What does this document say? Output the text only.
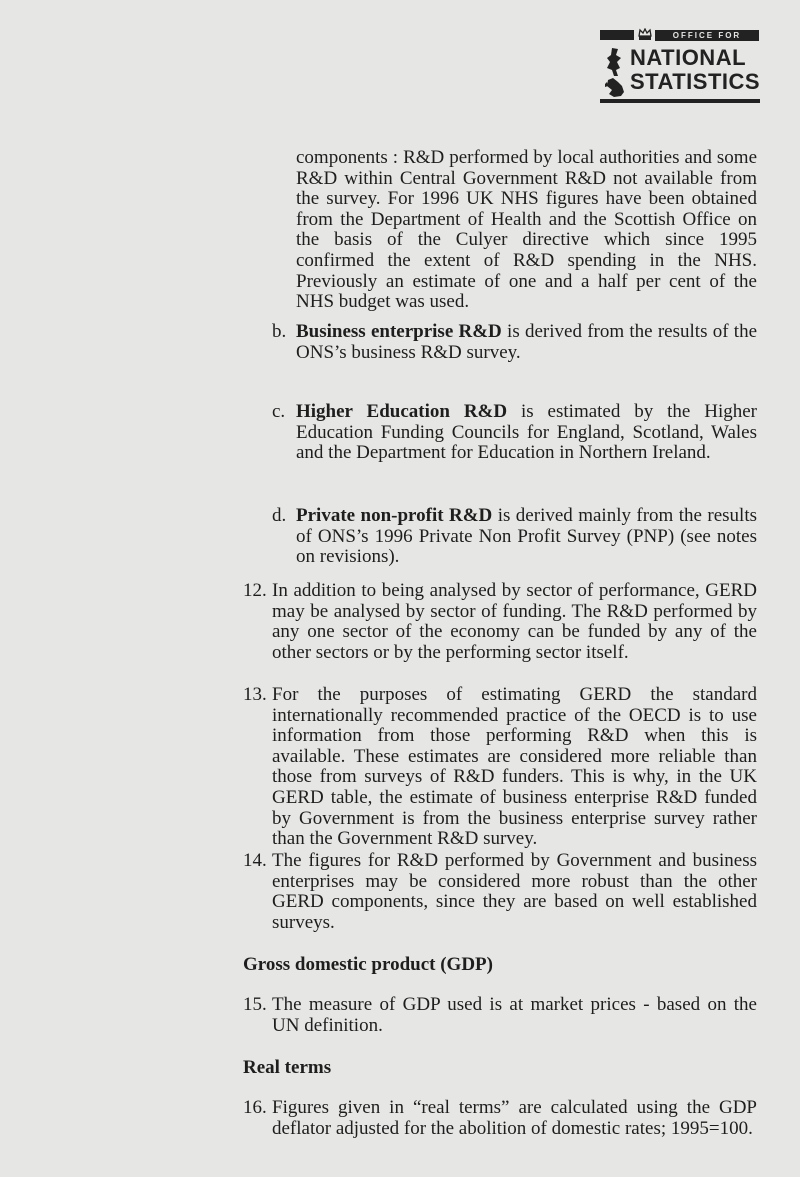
OFFICE FOR
NATIONAL
STATISTICS
components : R&D performed by local authorities and some R&D within Central Government R&D not available from the survey. For 1996 UK NHS figures have been obtained from the Department of Health and the Scottish Office on the basis of the Culyer directive which since 1995 confirmed the extent of R&D spending in the NHS. Previously an estimate of one and a half per cent of the NHS budget was used.
b. Business enterprise R&D is derived from the results of the ONS’s business R&D survey.
c. Higher Education R&D is estimated by the Higher Education Funding Councils for England, Scotland, Wales and the Department for Education in Northern Ireland.
d. Private non-profit R&D is derived mainly from the results of ONS’s 1996 Private Non Profit Survey (PNP) (see notes on revisions).
12. In addition to being analysed by sector of performance, GERD may be analysed by sector of funding. The R&D performed by any one sector of the economy can be funded by any of the other sectors or by the performing sector itself.
13. For the purposes of estimating GERD the standard internationally recommended practice of the OECD is to use information from those performing R&D when this is available. These estimates are considered more reliable than those from surveys of R&D funders. This is why, in the UK GERD table, the estimate of business enterprise R&D funded by Government is from the business enterprise survey rather than the Government R&D survey.
14. The figures for R&D performed by Government and business enterprises may be considered more robust than the other GERD components, since they are based on well established surveys.
Gross domestic product (GDP)
15. The measure of GDP used is at market prices - based on the UN definition.
Real terms
16. Figures given in “real terms” are calculated using the GDP deflator adjusted for the abolition of domestic rates; 1995=100.
